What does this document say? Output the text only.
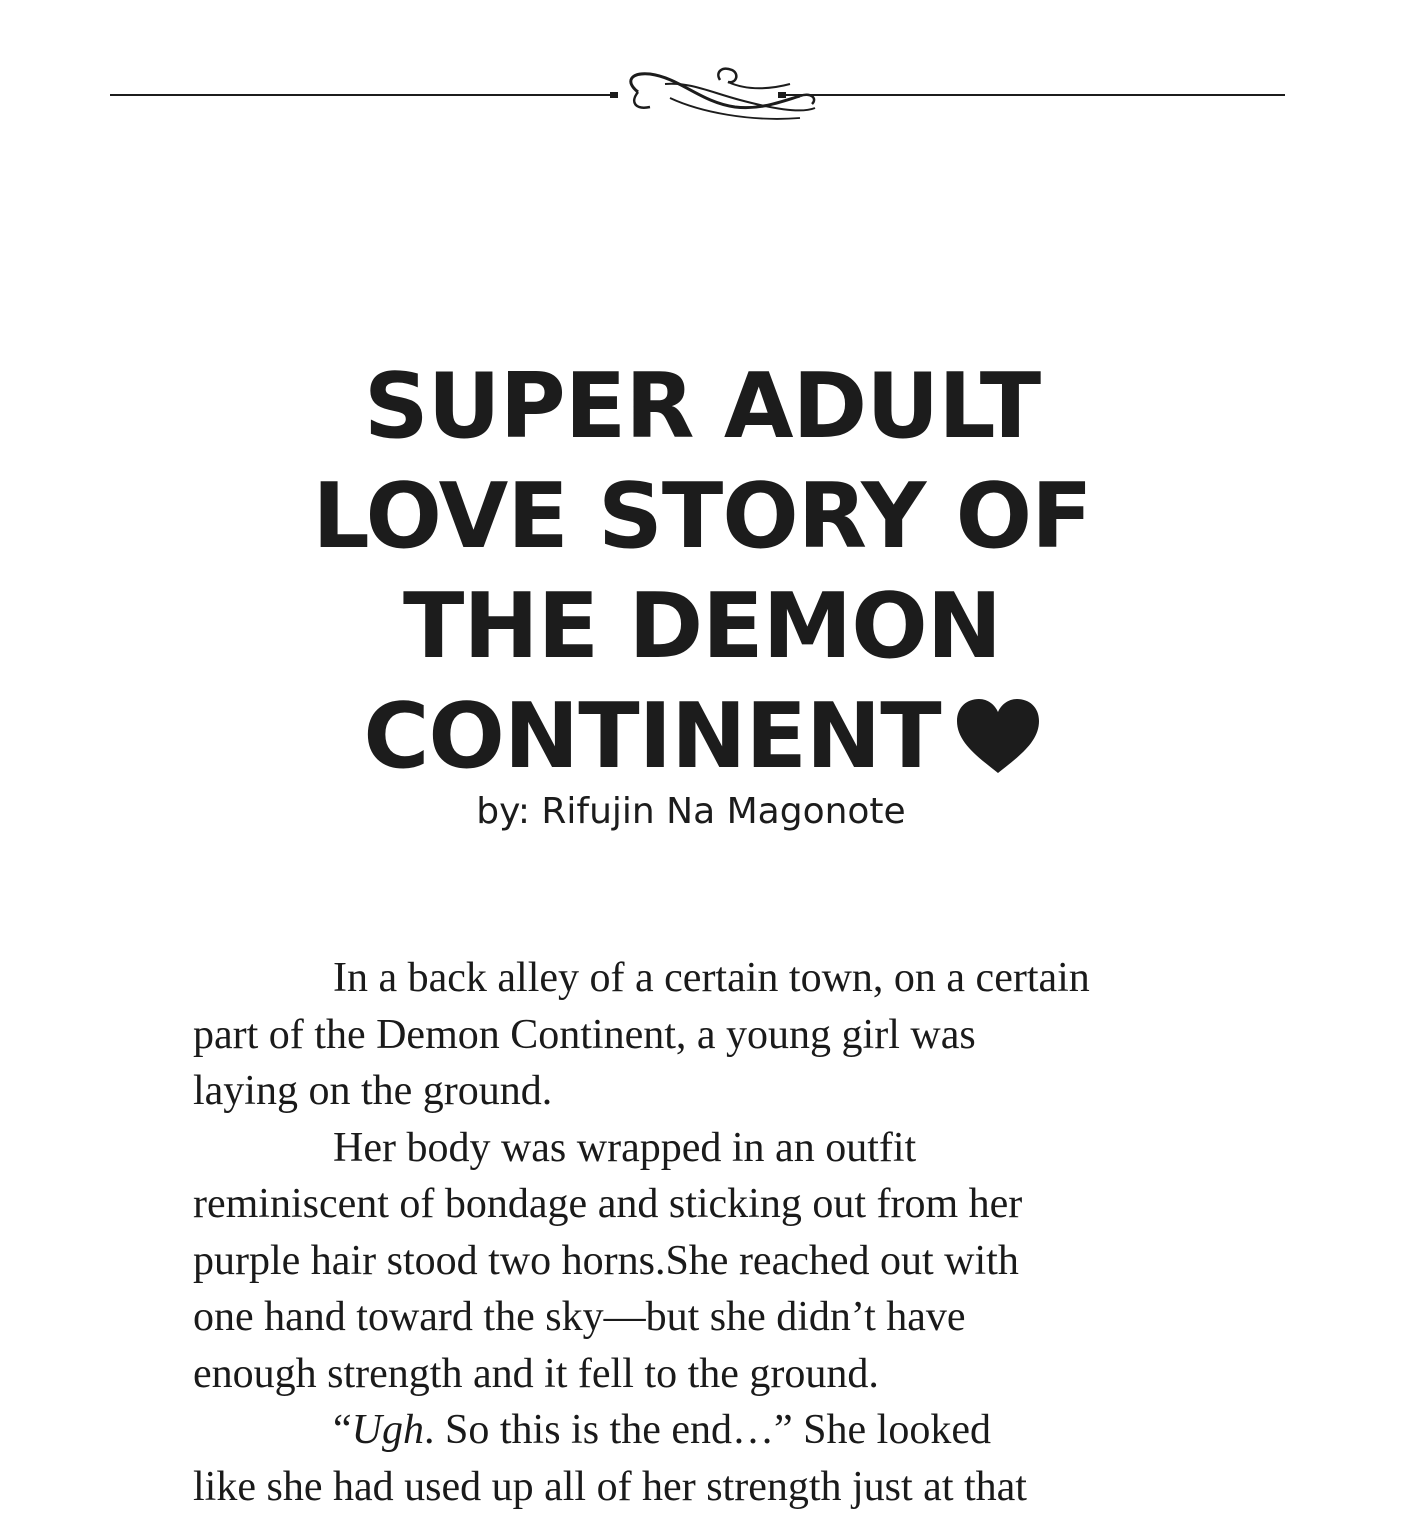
SUPER ADULT
LOVE STORY OF
THE DEMON
CONTINENT
by: Rifujin Na Magonote

In a back alley of a certain town, on a certain
part of the Demon Continent, a young girl was
laying on the ground.

Her body was wrapped in an outfit
reminiscent of bondage and sticking out from her
purple hair stood two horns.She reached out with
one hand toward the sky—but she didn’t have
enough strength and it fell to the ground.

“Ugh. So this is the end…” She looked
like she had used up all of her strength just at that
